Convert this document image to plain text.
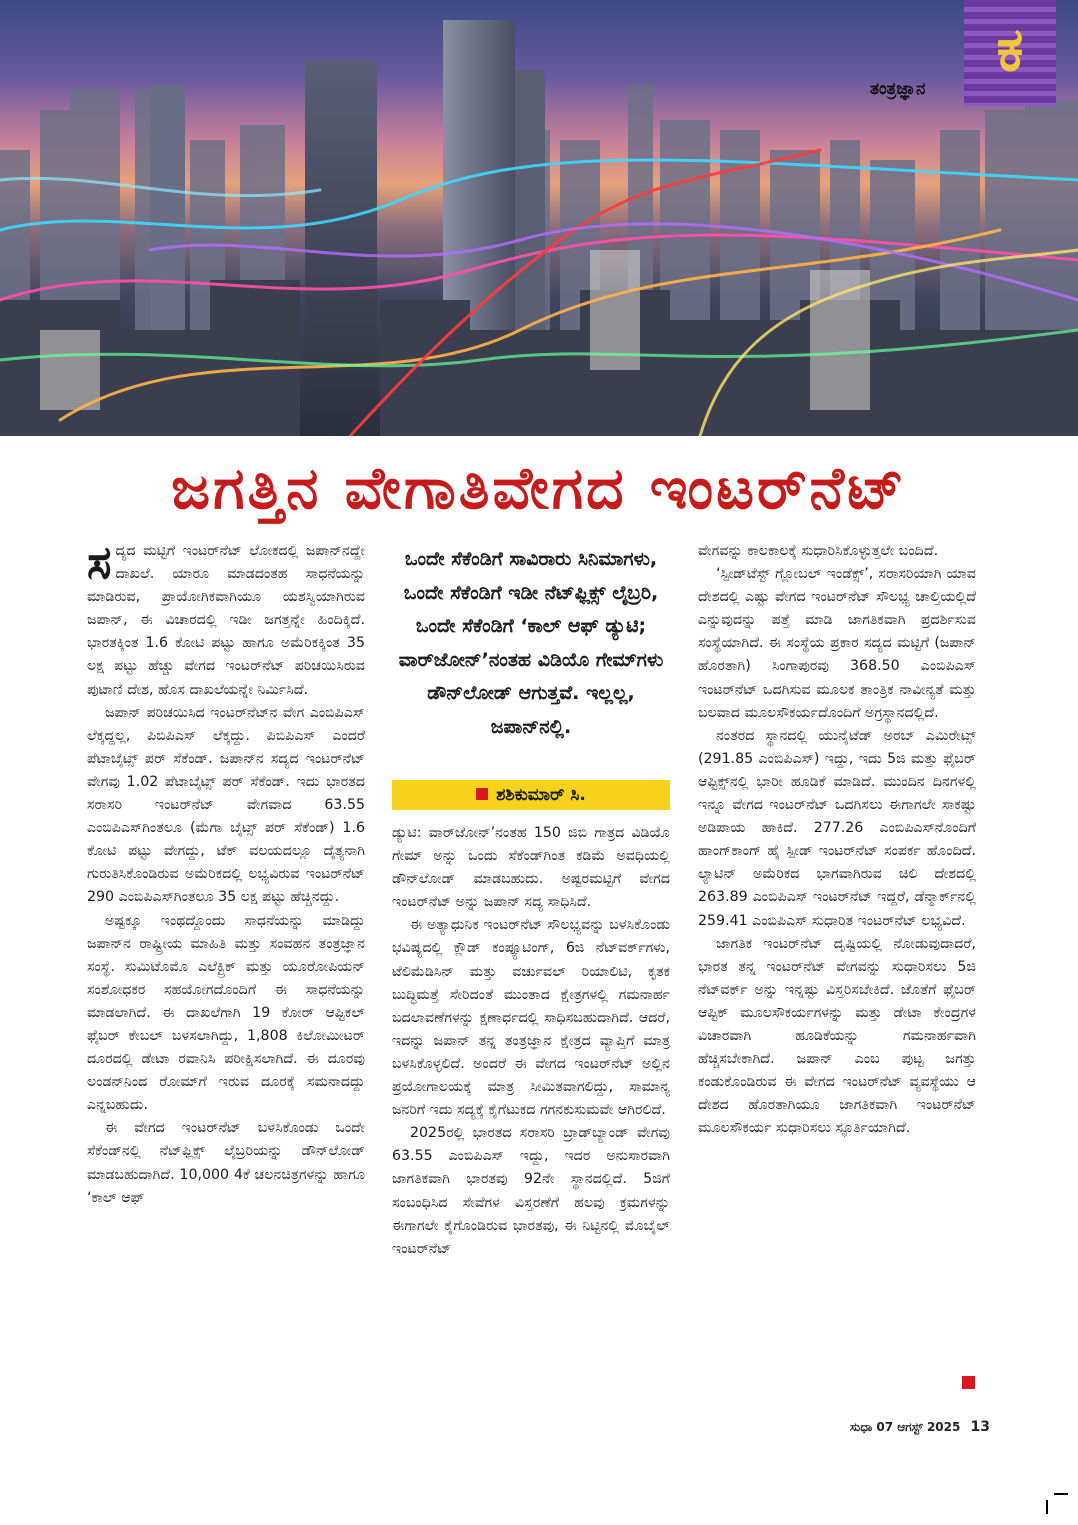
ಕ
ತಂತ್ರಜ್ಞಾನ
ಜಗತ್ತಿನ ವೇಗಾತಿವೇಗದ ಇಂಟರ್‌ನೆಟ್

ಸದ್ಯದ ಮಟ್ಟಿಗೆ ಇಂಟರ್‌ನೆಟ್ ಲೋಕದಲ್ಲಿ ಜಪಾನ್‌ನದ್ದೇ ದಾಖಲೆ. ಯಾರೂ ಮಾಡದಂತಹ ಸಾಧನೆಯನ್ನು ಮಾಡಿರುವ, ಪ್ರಾಯೋಗಿಕವಾಗಿಯೂ ಯಶಸ್ವಿಯಾಗಿರುವ ಜಪಾನ್, ಈ ವಿಚಾರದಲ್ಲಿ ಇಡೀ ಜಗತ್ತನ್ನೇ ಹಿಂದಿಕ್ಕಿದೆ. ಭಾರತಕ್ಕಿಂತ 1.6 ಕೋಟಿ ಪಟ್ಟು ಹಾಗೂ ಅಮೆರಿಕಕ್ಕಿಂತ 35 ಲಕ್ಷ ಪಟ್ಟು ಹೆಚ್ಚು ವೇಗದ ಇಂಟರ್‌ನೆಟ್ ಪರಿಚಯಿಸಿರುವ ಪುಟಾಣಿ ದೇಶ, ಹೊಸ ದಾಖಲೆಯನ್ನೇ ನಿರ್ಮಿಸಿದೆ.

ಜಪಾನ್ ಪರಿಚಯಿಸಿದ ಇಂಟರ್‌ನೆಟ್‌ನ ವೇಗ ಎಂಬಿಪಿಎಸ್ ಲೆಕ್ಕದ್ದಲ್ಲ, ಪಿಬಿಪಿಎಸ್ ಲೆಕ್ಕದ್ದು. ಪಿಬಿಪಿಎಸ್ ಎಂದರೆ ಪೆಟಾಬೈಟ್ಸ್ ಪರ್ ಸೆಕೆಂಡ್. ಜಪಾನ್‌ನ ಸದ್ಯದ ಇಂಟರ್‌ನೆಟ್ ವೇಗವು 1.02 ಪೆಟಾಬೈಟ್ಸ್ ಪರ್ ಸೆಕೆಂಡ್. ಇದು ಭಾರತದ ಸರಾಸರಿ ಇಂಟರ್‌ನೆಟ್ ವೇಗವಾದ 63.55 ಎಂಬಿಪಿಎಸ್‌ಗಿಂತಲೂ (ಮೆಗಾ ಬೈಟ್ಸ್ ಪರ್ ಸೆಕೆಂಡ್) 1.6 ಕೋಟಿ ಪಟ್ಟು ವೇಗದ್ದು, ಟೆಕ್ ವಲಯದಲ್ಲೂ ದೈತ್ಯನಾಗಿ ಗುರುತಿಸಿಕೊಂಡಿರುವ ಅಮೆರಿಕದಲ್ಲಿ ಲಭ್ಯವಿರುವ ಇಂಟರ್‌ನೆಟ್ 290 ಎಂಬಿಪಿಎಸ್‌ಗಿಂತಲೂ 35 ಲಕ್ಷ ಪಟ್ಟು ಹೆಚ್ಚಿನದ್ದು.

ಅಷ್ಟಕ್ಕೂ ಇಂಥದ್ದೊಂದು ಸಾಧನೆಯನ್ನು ಮಾಡಿದ್ದು ಜಪಾನ್‌ನ ರಾಷ್ಟ್ರೀಯ ಮಾಹಿತಿ ಮತ್ತು ಸಂವಹನ ತಂತ್ರಜ್ಞಾನ ಸಂಸ್ಥೆ. ಸುಮಿಟೊಮೊ ಎಲೆಕ್ಟ್ರಿಕ್ ಮತ್ತು ಯೂರೋಪಿಯನ್ ಸಂಶೋಧಕರ ಸಹಯೋಗದೊಂದಿಗೆ ಈ ಸಾಧನೆಯನ್ನು ಮಾಡಲಾಗಿದೆ. ಈ ದಾಖಲೆಗಾಗಿ 19 ಕೋರ್ ಆಪ್ಟಿಕಲ್ ಫೈಬರ್ ಕೇಬಲ್ ಬಳಸಲಾಗಿದ್ದು, 1,808 ಕಿಲೋಮೀಟರ್ ದೂರದಲ್ಲಿ ಡೇಟಾ ರವಾನಿಸಿ ಪರೀಕ್ಷಿಸಲಾಗಿದೆ. ಈ ದೂರವು ಲಂಡನ್‌ನಿಂದ ರೋಮ್‌ಗೆ ಇರುವ ದೂರಕ್ಕೆ ಸಮನಾದದ್ದು ಎನ್ನಬಹುದು.

ಈ ವೇಗದ ಇಂಟರ್‌ನೆಟ್ ಬಳಸಿಕೊಂಡು ಒಂದೇ ಸೆಕೆಂಡ್‌ನಲ್ಲಿ ನೆಟ್‌ಫ್ಲಿಕ್ಸ್ ಲೈಬ್ರರಿಯನ್ನು ಡೌನ್‌ಲೋಡ್ ಮಾಡಬಹುದಾಗಿದೆ. 10,000 4ಕೆ ಚಲನಚಿತ್ರಗಳನ್ನು ಹಾಗೂ ‘ಕಾಲ್ ಆಫ್

ಒಂದೇ ಸೆಕೆಂಡಿಗೆ ಸಾವಿರಾರು ಸಿನಿಮಾಗಳು, ಒಂದೇ ಸೆಕೆಂಡಿಗೆ ಇಡೀ ನೆಟ್‌ಫ್ಲಿಕ್ಸ್ ಲೈಬ್ರರಿ, ಒಂದೇ ಸೆಕೆಂಡಿಗೆ ‘ಕಾಲ್ ಆಫ್ ಡ್ಯುಟಿ; ವಾರ್‌ಜೋನ್’ನಂತಹ ವಿಡಿಯೊ ಗೇಮ್‌ಗಳು ಡೌನ್‌ಲೋಡ್ ಆಗುತ್ತವೆ. ಇಲ್ಲಲ್ಲ, ಜಪಾನ್‌ನಲ್ಲಿ.
ಶಶಿಕುಮಾರ್ ಸಿ.

ಡ್ಯುಟಿ: ವಾರ್‌ಜೋನ್’ನಂತಹ 150 ಜಿಬಿ ಗಾತ್ರದ ವಿಡಿಯೊ ಗೇಮ್ ಅನ್ನು ಒಂದು ಸೆಕೆಂಡ್‌ಗಿಂತ ಕಡಿಮೆ ಅವಧಿಯಲ್ಲಿ ಡೌನ್‌ಲೋಡ್ ಮಾಡಬಹುದು. ಅಷ್ಟರಮಟ್ಟಿಗೆ ವೇಗದ ಇಂಟರ್‌ನೆಟ್ ಅನ್ನು ಜಪಾನ್ ಸದ್ಯ ಸಾಧಿಸಿದೆ.

ಈ ಅತ್ಯಾಧುನಿಕ ಇಂಟರ್‌ನೆಟ್ ಸೌಲಭ್ಯವನ್ನು ಬಳಸಿಕೊಂಡು ಭವಿಷ್ಯದಲ್ಲಿ ಕ್ಲೌಡ್ ಕಂಪ್ಯೂಟಿಂಗ್, 6ಜಿ ನೆಟ್‌ವರ್ಕ್‌ಗಳು, ಟೆಲಿಮೆಡಿಸಿನ್ ಮತ್ತು ವರ್ಚುವಲ್ ರಿಯಾಲಿಟಿ, ಕೃತಕ ಬುದ್ಧಿಮತ್ತೆ ಸೇರಿದಂತೆ ಮುಂತಾದ ಕ್ಷೇತ್ರಗಳಲ್ಲಿ ಗಮನಾರ್ಹ ಬದಲಾವಣೆಗಳನ್ನು ಕ್ಷಣಾರ್ಧದಲ್ಲಿ ಸಾಧಿಸಬಹುದಾಗಿದೆ. ಆದರೆ, ಇದನ್ನು ಜಪಾನ್ ತನ್ನ ತಂತ್ರಜ್ಞಾನ ಕ್ಷೇತ್ರದ ವ್ಯಾಪ್ತಿಗೆ ಮಾತ್ರ ಬಳಸಿಕೊಳ್ಳಲಿದೆ. ಅಂದರೆ ಈ ವೇಗದ ಇಂಟರ್‌ನೆಟ್ ಅಲ್ಲಿನ ಪ್ರಯೋಗಾಲಯಕ್ಕೆ ಮಾತ್ರ ಸೀಮಿತವಾಗಲಿದ್ದು, ಸಾಮಾನ್ಯ ಜನರಿಗೆ ಇದು ಸದ್ಯಕ್ಕೆ ಕೈಗೆಟುಕದ ಗಗನಕುಸುಮವೇ ಆಗಿರಲಿದೆ.

2025ರಲ್ಲಿ ಭಾರತದ ಸರಾಸರಿ ಬ್ರಾಡ್‌ಬ್ಯಾಂಡ್ ವೇಗವು 63.55 ಎಂಬಿಪಿಎಸ್ ಇದ್ದು, ಇದರ ಅನುಸಾರವಾಗಿ ಜಾಗತಿಕವಾಗಿ ಭಾರತವು 92ನೇ ಸ್ಥಾನದಲ್ಲಿದೆ. 5ಜಿಗೆ ಸಂಬಂಧಿಸಿದ ಸೇವೆಗಳ ವಿಸ್ತರಣೆಗೆ ಹಲವು ಕ್ರಮಗಳನ್ನು ಈಗಾಗಲೇ ಕೈಗೊಂಡಿರುವ ಭಾರತವು, ಈ ನಿಟ್ಟಿನಲ್ಲಿ ಮೊಬೈಲ್ ಇಂಟರ್‌ನೆಟ್

ವೇಗವನ್ನು ಕಾಲಕಾಲಕ್ಕೆ ಸುಧಾರಿಸಿಕೊಳ್ಳುತ್ತಲೇ ಬಂದಿದೆ.

‘ಸ್ಪೀಡ್‌ಟೆಸ್ಟ್ ಗ್ಲೋಬಲ್ ಇಂಡೆಕ್ಸ್’, ಸರಾಸರಿಯಾಗಿ ಯಾವ ದೇಶದಲ್ಲಿ ಎಷ್ಟು ವೇಗದ ಇಂಟರ್‌ನೆಟ್ ಸೌಲಭ್ಯ ಚಾಲ್ತಿಯಲ್ಲಿದೆ ಎನ್ನುವುದನ್ನು ಪತ್ತೆ ಮಾಡಿ ಜಾಗತಿಕವಾಗಿ ಪ್ರದರ್ಶಿಸುವ ಸಂಸ್ಥೆಯಾಗಿದೆ. ಈ ಸಂಸ್ಥೆಯ ಪ್ರಕಾರ ಸದ್ಯದ ಮಟ್ಟಿಗೆ (ಜಪಾನ್ ಹೊರತಾಗಿ) ಸಿಂಗಾಪುರವು 368.50 ಎಂಬಿಪಿಎಸ್ ಇಂಟರ್‌ನೆಟ್ ಒದಗಿಸುವ ಮೂಲಕ ತಾಂತ್ರಿಕ ನಾವೀನ್ಯತೆ ಮತ್ತು ಬಲವಾದ ಮೂಲಸೌಕರ್ಯದೊಂದಿಗೆ ಅಗ್ರಸ್ಥಾನದಲ್ಲಿದೆ.

ನಂತರದ ಸ್ಥಾನದಲ್ಲಿ ಯುನೈಟೆಡ್ ಅರಬ್ ಎಮಿರೇಟ್ಸ್ (291.85 ಎಂಬಿಪಿಎಸ್) ಇದ್ದು, ಇದು 5ಜಿ ಮತ್ತು ಫೈಬರ್ ಆಪ್ಟಿಕ್ಸ್‌ನಲ್ಲಿ ಭಾರೀ ಹೂಡಿಕೆ ಮಾಡಿದೆ. ಮುಂದಿನ ದಿನಗಳಲ್ಲಿ ಇನ್ನೂ ವೇಗದ ಇಂಟರ್‌ನೆಟ್ ಒದಗಿಸಲು ಈಗಾಗಲೇ ಸಾಕಷ್ಟು ಅಡಿಪಾಯ ಹಾಕಿದೆ. 277.26 ಎಂಬಿಪಿಎಸ್‌ನೊಂದಿಗೆ ಹಾಂಗ್‌ಕಾಂಗ್ ಹೈ ಸ್ಪೀಡ್ ಇಂಟರ್‌ನೆಟ್ ಸಂಪರ್ಕ ಹೊಂದಿದೆ. ಲ್ಯಾಟಿನ್ ಅಮೆರಿಕದ ಭಾಗವಾಗಿರುವ ಚಿಲಿ ದೇಶದಲ್ಲಿ 263.89 ಎಂಬಿಪಿಎಸ್ ಇಂಟರ್‌ನೆಟ್ ಇದ್ದರೆ, ಡೆನ್ಮಾರ್ಕ್‌ನಲ್ಲಿ 259.41 ಎಂಬಿಪಿಎಸ್ ಸುಧಾರಿತ ಇಂಟರ್‌ನೆಟ್ ಲಭ್ಯವಿದೆ.

ಜಾಗತಿಕ ಇಂಟರ್‌ನೆಟ್ ದೃಷ್ಟಿಯಲ್ಲಿ ನೋಡುವುದಾದರೆ, ಭಾರತ ತನ್ನ ಇಂಟರ್‌ನೆಟ್ ವೇಗವನ್ನು ಸುಧಾರಿಸಲು 5ಜಿ ನೆಟ್‌ವರ್ಕ್ ಅನ್ನು ಇನ್ನಷ್ಟು ವಿಸ್ತರಿಸಬೇಕಿದೆ. ಜೊತೆಗೆ ಫೈಬರ್ ಆಪ್ಟಿಕ್ ಮೂಲಸೌಕರ್ಯಗಳನ್ನು ಮತ್ತು ಡೇಟಾ ಕೇಂದ್ರಗಳ ವಿಚಾರವಾಗಿ ಹೂಡಿಕೆಯನ್ನು ಗಮನಾರ್ಹವಾಗಿ ಹೆಚ್ಚಿಸಬೇಕಾಗಿದೆ. ಜಪಾನ್ ಎಂಬ ಪುಟ್ಟ ಜಗತ್ತು ಕಂಡುಕೊಂಡಿರುವ ಈ ವೇಗದ ಇಂಟರ್‌ನೆಟ್ ವ್ಯವಸ್ಥೆಯು ಆ ದೇಶದ ಹೊರತಾಗಿಯೂ ಜಾಗತಿಕವಾಗಿ ಇಂಟರ್‌ನೆಟ್ ಮೂಲಸೌಕರ್ಯ ಸುಧಾರಿಸಲು ಸ್ಫೂರ್ತಿಯಾಗಿದೆ.

ಸುಧಾ 07 ಆಗಸ್ಟ್ 2025 13
